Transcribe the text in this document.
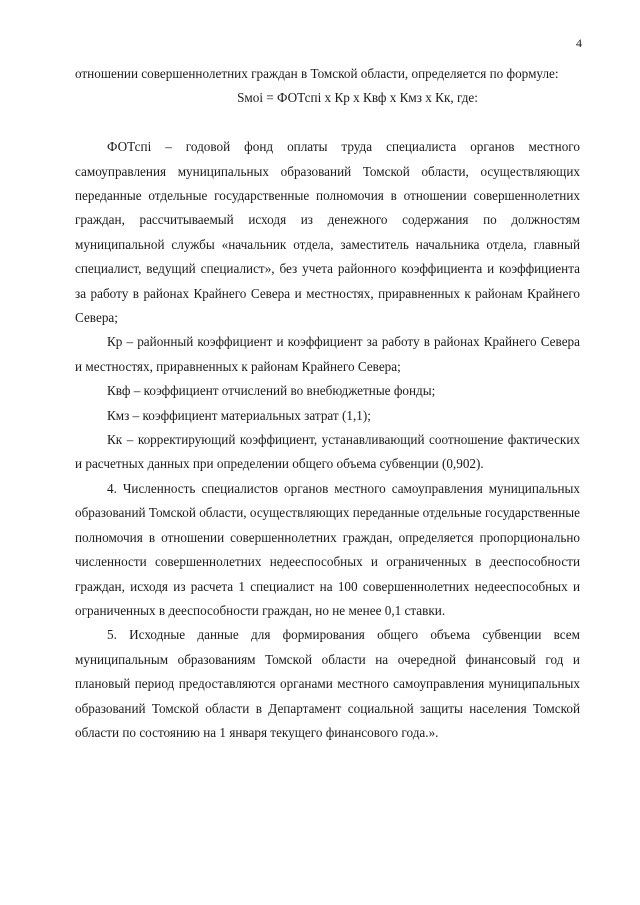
4

отношении совершеннолетних граждан в Томской области, определяется по формуле:

Sмoi = ФОТспi х Кр х Квф х Кмз х Кк, где:

ФОТспi – годовой фонд оплаты труда специалиста органов местного самоуправления муниципальных образований Томской области, осуществляющих переданные отдельные государственные полномочия в отношении совершеннолетних граждан, рассчитываемый исходя из денежного содержания по должностям муниципальной службы «начальник отдела, заместитель начальника отдела, главный специалист, ведущий специалист», без учета районного коэффициента и коэффициента за работу в районах Крайнего Севера и местностях, приравненных к районам Крайнего Севера;

Кр – районный коэффициент и коэффициент за работу в районах Крайнего Севера и местностях, приравненных к районам Крайнего Севера;

Квф – коэффициент отчислений во внебюджетные фонды;

Кмз – коэффициент материальных затрат (1,1);

Кк – корректирующий коэффициент, устанавливающий соотношение фактических и расчетных данных при определении общего объема субвенции (0,902).

4. Численность специалистов органов местного самоуправления муниципальных образований Томской области, осуществляющих переданные отдельные государственные полномочия в отношении совершеннолетних граждан, определяется пропорционально численности совершеннолетних недееспособных и ограниченных в дееспособности граждан, исходя из расчета 1 специалист на 100 совершеннолетних недееспособных и ограниченных в дееспособности граждан, но не менее 0,1 ставки.

5. Исходные данные для формирования общего объема субвенции всем муниципальным образованиям Томской области на очередной финансовый год и плановый период предоставляются органами местного самоуправления муниципальных образований Томской области в Департамент социальной защиты населения Томской области по состоянию на 1 января текущего финансового года.».
